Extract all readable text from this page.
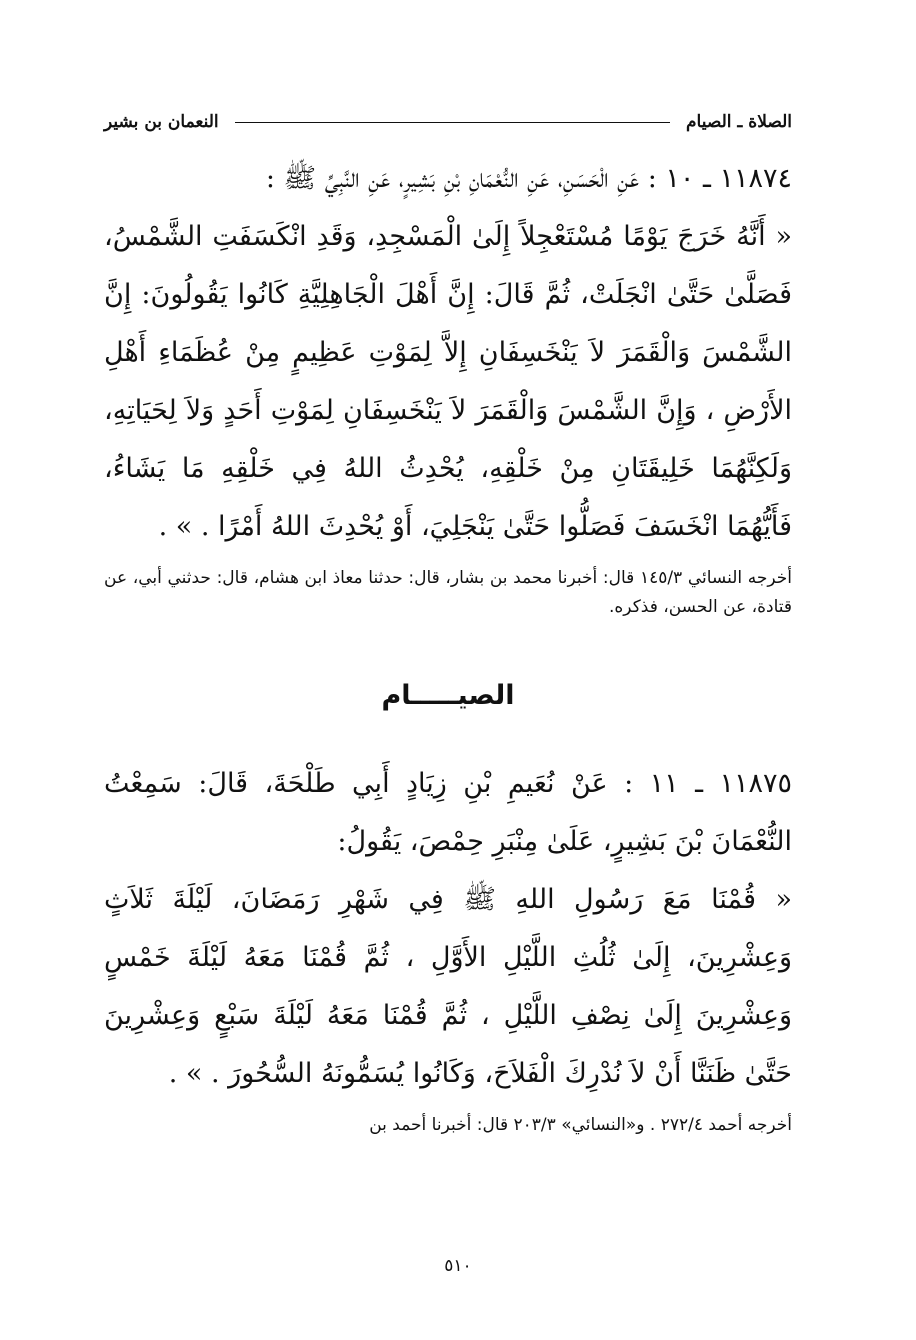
الصلاة ـ الصيام
النعمان بن بشير

١١٨٧٤ ـ ١٠ : عَنِ الْحَسَنِ، عَنِ النُّعْمَانِ بْنِ بَشِيرٍ، عَنِ النَّبِيِّ ﷺ :
« أَنَّهُ خَرَجَ يَوْمًا مُسْتَعْجِلاً إِلَىٰ الْمَسْجِدِ، وَقَدِ انْكَسَفَتِ الشَّمْسُ، فَصَلَّىٰ حَتَّىٰ انْجَلَتْ، ثُمَّ قَالَ: إِنَّ أَهْلَ الْجَاهِلِيَّةِ كَانُوا يَقُولُونَ: إِنَّ الشَّمْسَ وَالْقَمَرَ لاَ يَنْخَسِفَانِ إِلاَّ لِمَوْتِ عَظِيمٍ مِنْ عُظَمَاءِ أَهْلِ الأَرْضِ ، وَإِنَّ الشَّمْسَ وَالْقَمَرَ لاَ يَنْخَسِفَانِ لِمَوْتِ أَحَدٍ وَلاَ لِحَيَاتِهِ، وَلَكِنَّهُمَا خَلِيقَتَانِ مِنْ خَلْقِهِ، يُحْدِثُ اللهُ فِي خَلْقِهِ مَا يَشَاءُ، فَأَيُّهُمَا انْخَسَفَ فَصَلُّوا حَتَّىٰ يَنْجَلِيَ، أَوْ يُحْدِثَ اللهُ أَمْرًا . » .

أخرجه النسائي ١٤٥/٣ قال: أخبرنا محمد بن بشار، قال: حدثنا معاذ ابن هشام، قال: حدثني أبي، عن قتادة، عن الحسن، فذكره.

الصيـــــام

١١٨٧٥ ـ ١١ : عَنْ نُعَيمِ بْنِ زِيَادٍ أَبِي طَلْحَةَ، قَالَ: سَمِعْتُ النُّعْمَانَ بْنَ بَشِيرٍ، عَلَىٰ مِنْبَرِ حِمْصَ، يَقُولُ:
« قُمْنَا مَعَ رَسُولِ اللهِ ﷺ فِي شَهْرِ رَمَضَانَ، لَيْلَةَ ثَلاَثٍ وَعِشْرِينَ، إِلَىٰ ثُلُثِ اللَّيْلِ الأَوَّلِ ، ثُمَّ قُمْنَا مَعَهُ لَيْلَةَ خَمْسٍ وَعِشْرِينَ إِلَىٰ نِصْفِ اللَّيْلِ ، ثُمَّ قُمْنَا مَعَهُ لَيْلَةَ سَبْعٍ وَعِشْرِينَ حَتَّىٰ ظَنَنَّا أَنْ لاَ نُدْرِكَ الْفَلاَحَ، وَكَانُوا يُسَمُّونَهُ السُّحُورَ . » .

أخرجه أحمد ٢٧٢/٤ . و«النسائي» ٢٠٣/٣ قال: أخبرنا أحمد بن

٥١٠
